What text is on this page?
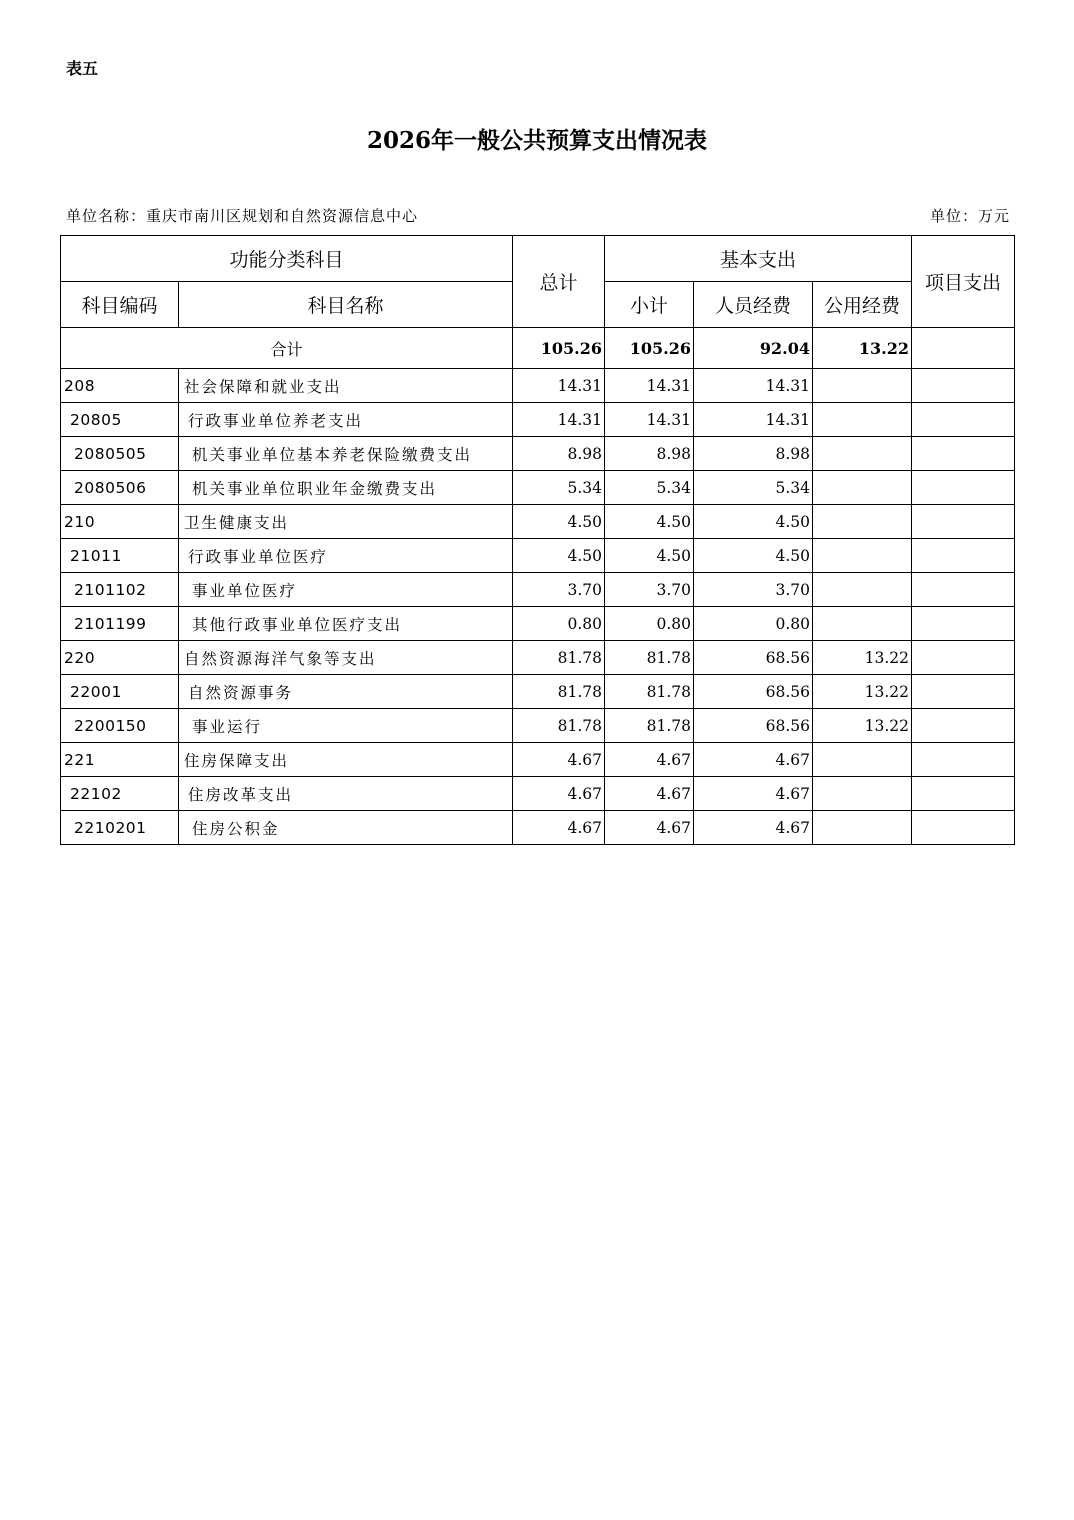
表五
2026年一般公共预算支出情况表
单位名称：重庆市南川区规划和自然资源信息中心	单位：万元
功能分类科目		总计	基本支出			项目支出
科目编码	科目名称		小计	人员经费	公用经费	
合计		105.26	105.26	92.04	13.22	
208	社会保障和就业支出	14.31	14.31	14.31		
20805	行政事业单位养老支出	14.31	14.31	14.31		
2080505	机关事业单位基本养老保险缴费支出	8.98	8.98	8.98		
2080506	机关事业单位职业年金缴费支出	5.34	5.34	5.34		
210	卫生健康支出	4.50	4.50	4.50		
21011	行政事业单位医疗	4.50	4.50	4.50		
2101102	事业单位医疗	3.70	3.70	3.70		
2101199	其他行政事业单位医疗支出	0.80	0.80	0.80		
220	自然资源海洋气象等支出	81.78	81.78	68.56	13.22	
22001	自然资源事务	81.78	81.78	68.56	13.22	
2200150	事业运行	81.78	81.78	68.56	13.22	
221	住房保障支出	4.67	4.67	4.67		
22102	住房改革支出	4.67	4.67	4.67		
2210201	住房公积金	4.67	4.67	4.67		
